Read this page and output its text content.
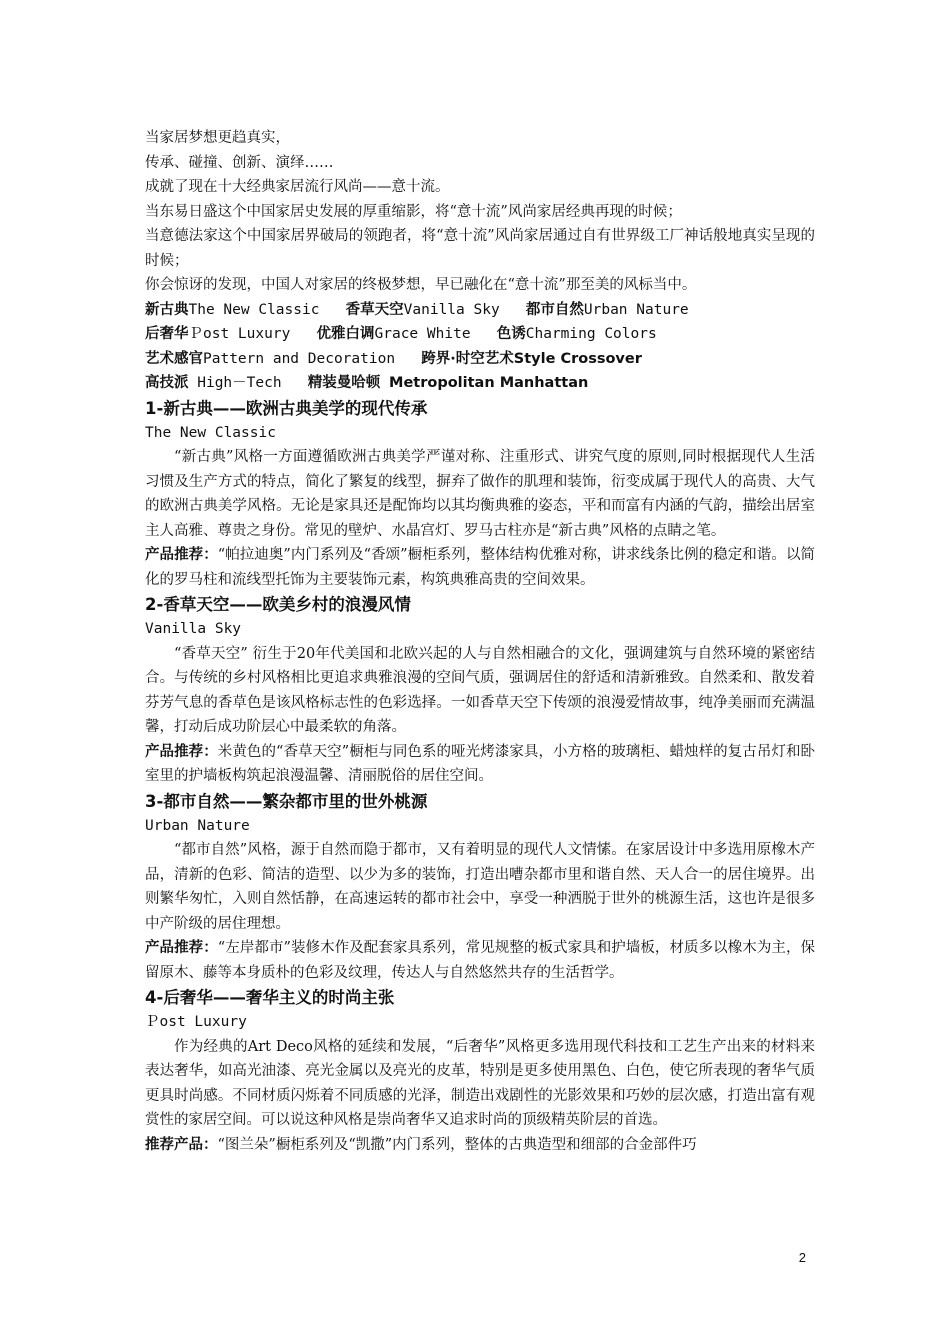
当家居梦想更趋真实，

传承、碰撞、创新、演绎……

成就了现在十大经典家居流行风尚——意十流。

当东易日盛这个中国家居史发展的厚重缩影，将“意十流”风尚家居经典再现的时候；

当意德法家这个中国家居界破局的领跑者，将“意十流”风尚家居通过自有世界级工厂神话般地真实呈现的时候；

你会惊讶的发现，中国人对家居的终极梦想，早已融化在“意十流”那至美的风标当中。

新古典The New Classic 香草天空Vanilla Sky 都市自然Urban Nature

后奢华Ｐost Luxury 优雅白调Grace White 色诱Charming Colors

艺术感官Pattern and Decoration 跨界·时空艺术Style Crossover

高技派 High－Tech 精装曼哈顿 Metropolitan Manhattan

1-新古典——欧洲古典美学的现代传承

The New Classic

“新古典”风格一方面遵循欧洲古典美学严谨对称、注重形式、讲究气度的原则,同时根据现代人生活习惯及生产方式的特点，简化了繁复的线型，摒弃了做作的肌理和装饰，衍变成属于现代人的高贵、大气的欧洲古典美学风格。无论是家具还是配饰均以其均衡典雅的姿态，平和而富有内涵的气韵，描绘出居室主人高雅、尊贵之身份。常见的壁炉、水晶宫灯、罗马古柱亦是“新古典”风格的点睛之笔。

产品推荐：“帕拉迪奥”内门系列及“香颂”橱柜系列，整体结构优雅对称，讲求线条比例的稳定和谐。以简化的罗马柱和流线型托饰为主要装饰元素，构筑典雅高贵的空间效果。

2-香草天空——欧美乡村的浪漫风情

Vanilla Sky

“香草天空” 衍生于20年代美国和北欧兴起的人与自然相融合的文化，强调建筑与自然环境的紧密结合。与传统的乡村风格相比更追求典雅浪漫的空间气质，强调居住的舒适和清新雅致。自然柔和、散发着芬芳气息的香草色是该风格标志性的色彩选择。一如香草天空下传颂的浪漫爱情故事，纯净美丽而充满温馨，打动后成功阶层心中最柔软的角落。

产品推荐：米黄色的“香草天空”橱柜与同色系的哑光烤漆家具，小方格的玻璃柜、蜡烛样的复古吊灯和卧室里的护墙板构筑起浪漫温馨、清丽脱俗的居住空间。

3-都市自然——繁杂都市里的世外桃源

Urban Nature

“都市自然”风格，源于自然而隐于都市，又有着明显的现代人文情愫。在家居设计中多选用原橡木产品，清新的色彩、简洁的造型、以少为多的装饰，打造出嘈杂都市里和谐自然、天人合一的居住境界。出则繁华匆忙，入则自然恬静，在高速运转的都市社会中，享受一种洒脱于世外的桃源生活，这也许是很多中产阶级的居住理想。

产品推荐：“左岸都市”装修木作及配套家具系列，常见规整的板式家具和护墙板，材质多以橡木为主，保留原木、藤等本身质朴的色彩及纹理，传达人与自然悠然共存的生活哲学。

4-后奢华——奢华主义的时尚主张

Ｐost Luxury

作为经典的Art Deco风格的延续和发展，“后奢华”风格更多选用现代科技和工艺生产出来的材料来表达奢华，如高光油漆、亮光金属以及亮光的皮革，特别是更多使用黑色、白色，使它所表现的奢华气质更具时尚感。不同材质闪烁着不同质感的光泽，制造出戏剧性的光影效果和巧妙的层次感，打造出富有观赏性的家居空间。可以说这种风格是崇尚奢华又追求时尚的顶级精英阶层的首选。

推荐产品：“图兰朵”橱柜系列及“凯撒”内门系列，整体的古典造型和细部的合金部件巧

2
